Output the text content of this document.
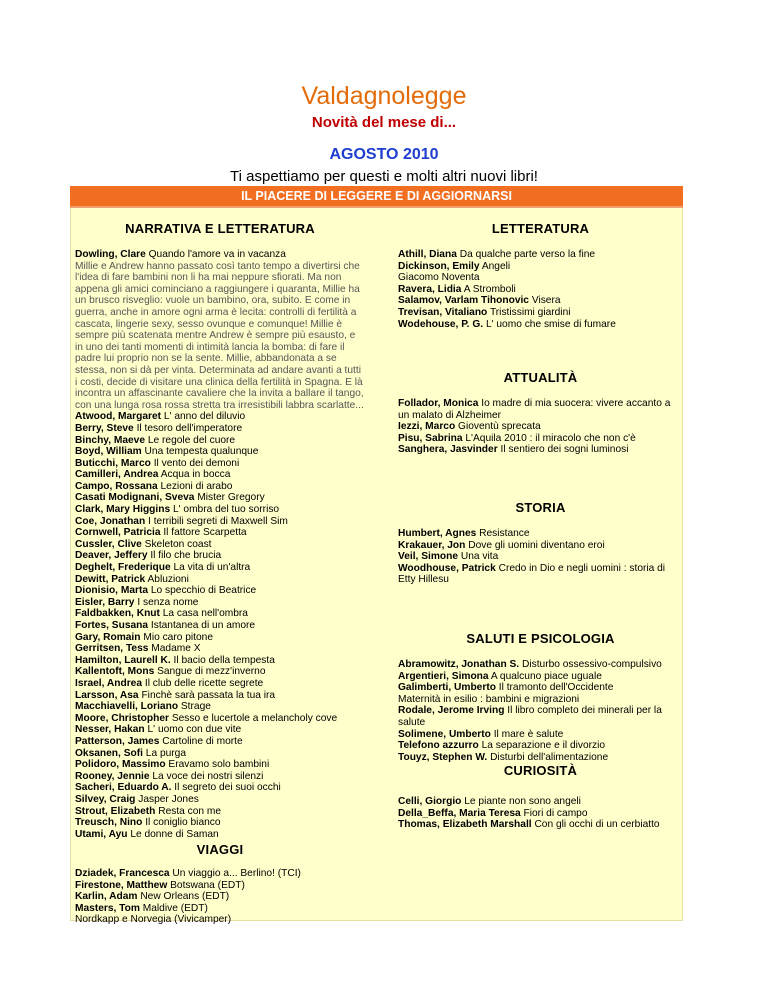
Valdagnolegge
Novità del mese di...
AGOSTO 2010
Ti aspettiamo per questi e molti altri nuovi libri!
IL PIACERE DI LEGGERE E DI AGGIORNARSI
NARRATIVA E LETTERATURA	LETTERATURA
ATTUALITÀ
STORIA
SALUTI E PSICOLOGIA
CURIOSITÀ
VIAGGI
Dowling, Clare Quando l'amore va in vacanza
Millie e Andrew hanno passato così tanto tempo a divertirsi che l'idea di fare bambini non li ha mai neppure sfiorati. Ma non appena gli amici cominciano a raggiungere i quaranta, Millie ha un brusco risveglio: vuole un bambino, ora, subito. E come in guerra, anche in amore ogni arma è lecita: controlli di fertilità a cascata, lingerie sexy, sesso ovunque e comunque! Millie è sempre più scatenata mentre Andrew è sempre più esausto, e in uno dei tanti momenti di intimità lancia la bomba: di fare il padre lui proprio non se la sente. Millie, abbandonata a se stessa, non si dà per vinta. Determinata ad andare avanti a tutti i costi, decide di visitare una clinica della fertilità in Spagna. E là incontra un affascinante cavaliere che la invita a ballare il tango, con una lunga rosa rossa stretta tra irresistibili labbra scarlatte...
Atwood, Margaret L' anno del diluvio
Berry, Steve Il tesoro dell'imperatore
Binchy, Maeve Le regole del cuore
Boyd, William Una tempesta qualunque
Buticchi, Marco Il vento dei demoni
Camilleri, Andrea Acqua in bocca
Campo, Rossana Lezioni di arabo
Casati Modignani, Sveva Mister Gregory
Clark, Mary Higgins L' ombra del tuo sorriso
Coe, Jonathan I terribili segreti di Maxwell Sim
Cornwell, Patricia Il fattore Scarpetta
Cussler, Clive Skeleton coast
Deaver, Jeffery Il filo che brucia
Deghelt, Frederique La vita di un'altra
Dewitt, Patrick Abluzioni
Dionisio, Marta Lo specchio di Beatrice
Eisler, Barry I senza nome
Faldbakken, Knut La casa nell'ombra
Fortes, Susana Istantanea di un amore
Gary, Romain Mio caro pitone
Gerritsen, Tess Madame X
Hamilton, Laurell K. Il bacio della tempesta
Kallentoft, Mons Sangue di mezz'inverno
Israel, Andrea Il club delle ricette segrete
Larsson, Asa Finchè sarà passata la tua ira
Macchiavelli, Loriano Strage
Moore, Christopher Sesso e lucertole a melancholy cove
Nesser, Hakan L' uomo con due vite
Patterson, James Cartoline di morte
Oksanen, Sofi La purga
Polidoro, Massimo Eravamo solo bambini
Rooney, Jennie La voce dei nostri silenzi
Sacheri, Eduardo A. Il segreto dei suoi occhi
Silvey, Craig Jasper Jones
Strout, Elizabeth Resta con me
Treusch, Nino Il coniglio bianco
Utami, Ayu Le donne di Saman
Dziadek, Francesca Un viaggio a... Berlino! (TCI)
Firestone, Matthew Botswana (EDT)
Karlin, Adam New Orleans (EDT)
Masters, Tom Maldive (EDT)
Nordkapp e Norvegia (Vivicamper)
Athill, Diana Da qualche parte verso la fine
Dickinson, Emily Angeli
Giacomo Noventa
Ravera, Lidia A Stromboli
Salamov, Varlam Tihonovic Visera
Trevisan, Vitaliano Tristissimi giardini
Wodehouse, P. G. L' uomo che smise di fumare
Follador, Monica Io madre di mia suocera: vivere accanto a un malato di Alzheimer
Iezzi, Marco Gioventù sprecata
Pisu, Sabrina L'Aquila 2010 : il miracolo che non c'è
Sanghera, Jasvinder Il sentiero dei sogni luminosi
Humbert, Agnes Resistance
Krakauer, Jon Dove gli uomini diventano eroi
Veil, Simone Una vita
Woodhouse, Patrick Credo in Dio e negli uomini : storia di Etty Hillesu
Abramowitz, Jonathan S. Disturbo ossessivo-compulsivo
Argentieri, Simona A qualcuno piace uguale
Galimberti, Umberto Il tramonto dell'Occidente
Maternità in esilio : bambini e migrazioni
Rodale, Jerome Irving Il libro completo dei minerali per la salute
Solimene, Umberto Il mare è salute
Telefono azzurro La separazione e il divorzio
Touyz, Stephen W. Disturbi dell'alimentazione
Celli, Giorgio Le piante non sono angeli
Della_Beffa, Maria Teresa Fiori di campo
Thomas, Elizabeth Marshall Con gli occhi di un cerbiatto
